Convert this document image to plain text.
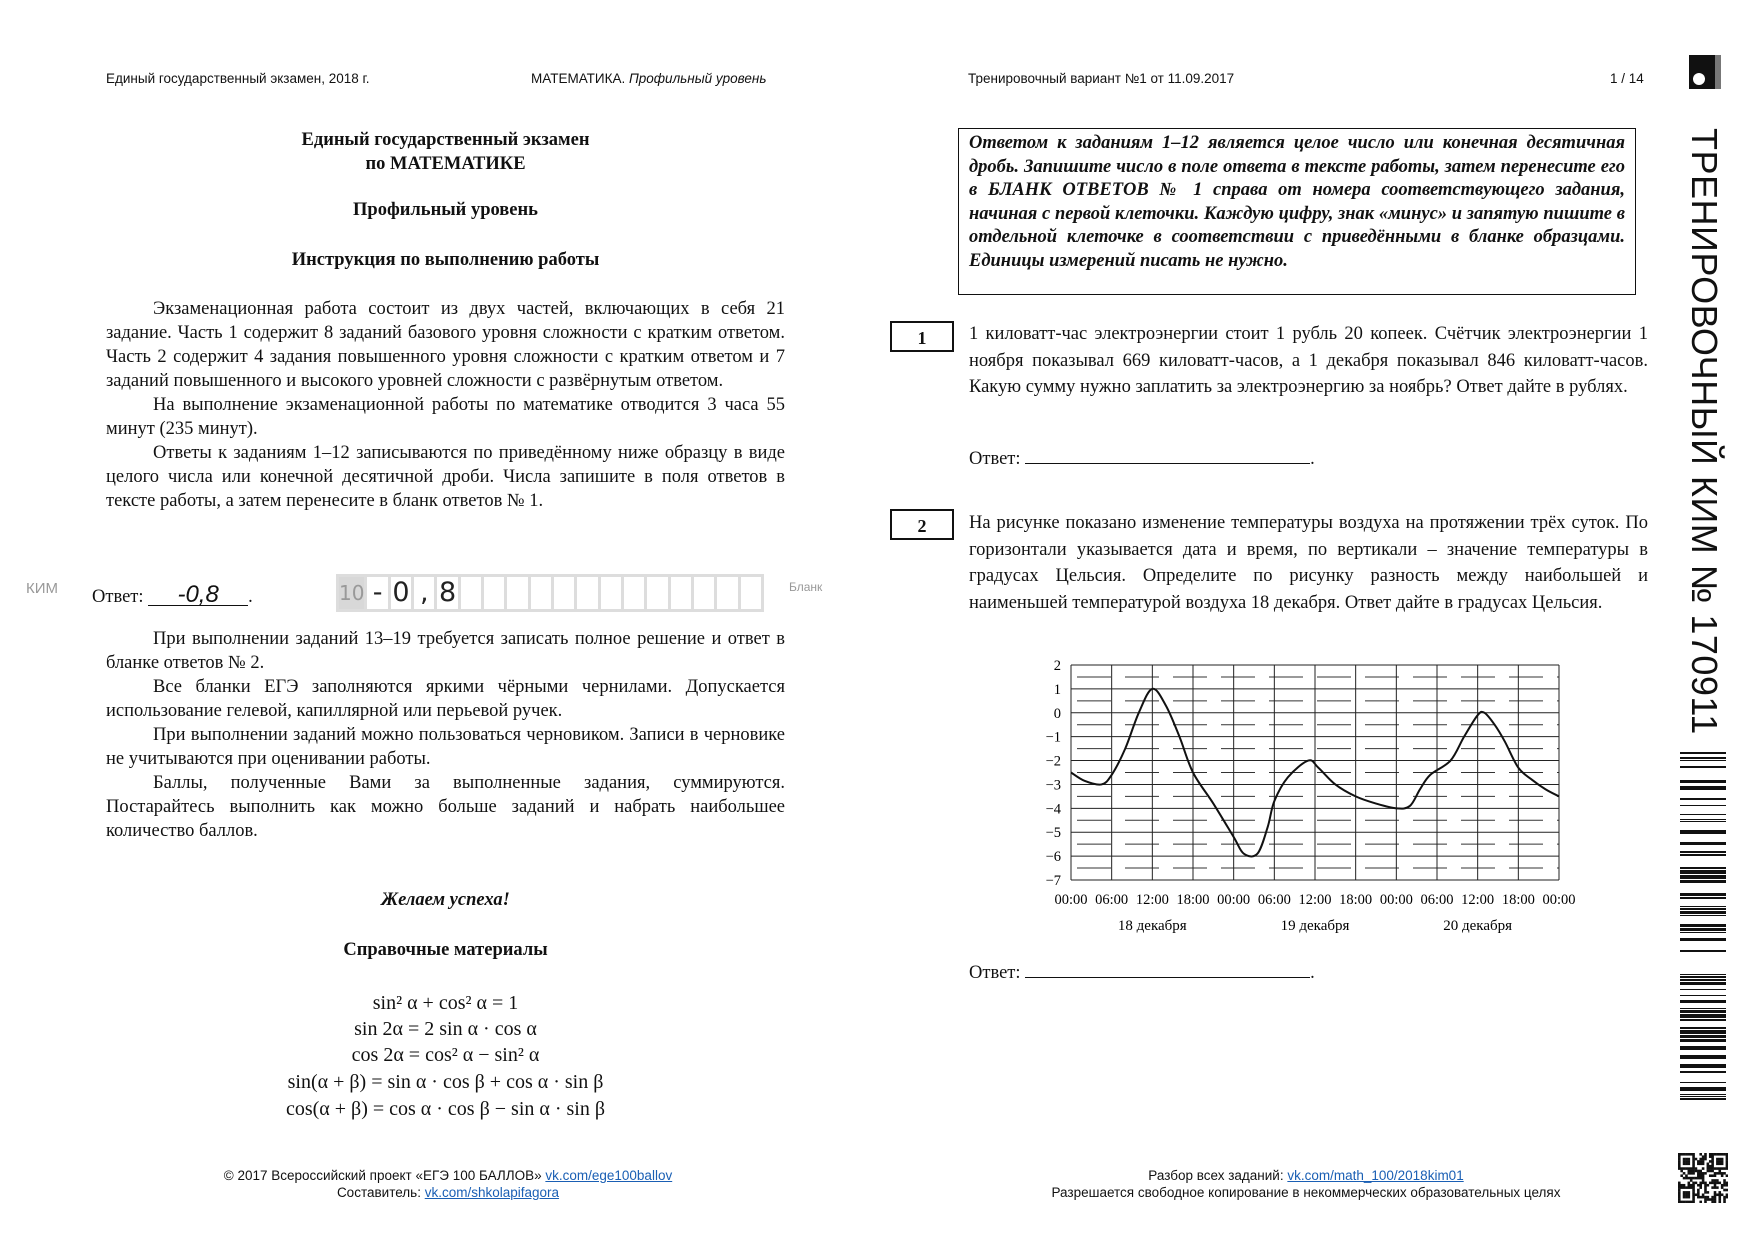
Единый государственный экзамен, 2018 г.	МАТЕМАТИКА. Профильный уровень	Тренировочный вариант №1 от 11.09.2017	1 / 14
ТРЕНИРОВОЧНЫЙ КИМ № 170911
Единый государственный экзамен
по МАТЕМАТИКЕ
Профильный уровень
Инструкция по выполнению работы

Экзаменационная работа состоит из двух частей, включающих в себя 21 задание. Часть 1 содержит 8 заданий базового уровня сложности с кратким ответом. Часть 2 содержит 4 задания повышенного уровня сложности с кратким ответом и 7 заданий повышенного и высокого уровней сложности с развёрнутым ответом.

На выполнение экзаменационной работы по математике отводится 3 часа 55 минут (235 минут).

Ответы к заданиям 1–12 записываются по приведённому ниже образцу в виде целого числа или конечной десятичной дроби. Числа запишите в поля ответов в тексте работы, а затем перенесите в бланк ответов № 1.

КИМ Ответ: -0,8 .	10 - 0 , 8	Бланк

При выполнении заданий 13–19 требуется записать полное решение и ответ в бланке ответов № 2.

Все бланки ЕГЭ заполняются яркими чёрными чернилами. Допускается использование гелевой, капиллярной или перьевой ручек.

При выполнении заданий можно пользоваться черновиком. Записи в черновике не учитываются при оценивании работы.

Баллы, полученные Вами за выполненные задания, суммируются. Постарайтесь выполнить как можно больше заданий и набрать наибольшее количество баллов.

Желаем успеха!
Справочные материалы
sin² α + cos² α = 1
sin 2α = 2 sin α · cos α
cos 2α = cos² α − sin² α
sin(α + β) = sin α · cos β + cos α · sin β
cos(α + β) = cos α · cos β − sin α · sin β
Ответом к заданиям 1–12 является целое число или конечная десятичная дробь. Запишите число в поле ответа в тексте работы, затем перенесите его в БЛАНК ОТВЕТОВ № 1 справа от номера соответствующего задания, начиная с первой клеточки. Каждую цифру, знак «минус» и запятую пишите в отдельной клеточке в соответствии с приведёнными в бланке образцами. Единицы измерений писать не нужно.
1	1 киловатт-час электроэнергии стоит 1 рубль 20 копеек. Счётчик электроэнергии 1 ноября показывал 669 киловатт-часов, а 1 декабря показывал 846 киловатт-часов. Какую сумму нужно заплатить за электроэнергию за ноябрь? Ответ дайте в рублях.
Ответ:	.
2	На рисунке показано изменение температуры воздуха на протяжении трёх суток. По горизонтали указывается дата и время, по вертикали – значение температуры в градусах Цельсия. Определите по рисунку разность между наибольшей и наименьшей температурой воздуха 18 декабря. Ответ дайте в градусах Цельсия.
00:00 06:00 12:00 18:00 00:00 06:00 12:00 18:00 00:00 06:00 12:00 18:00 00:00
2
1
0
−1
−2
−3
−4
−5
−6
−7
18 декабря	19 декабря	20 декабря
Ответ:	.
© 2017 Всероссийский проект «ЕГЭ 100 БАЛЛОВ» vk.com/ege100ballov
Составитель: vk.com/shkolapifagora
Разбор всех заданий: vk.com/math_100/2018kim01
Разрешается свободное копирование в некоммерческих образовательных целях
